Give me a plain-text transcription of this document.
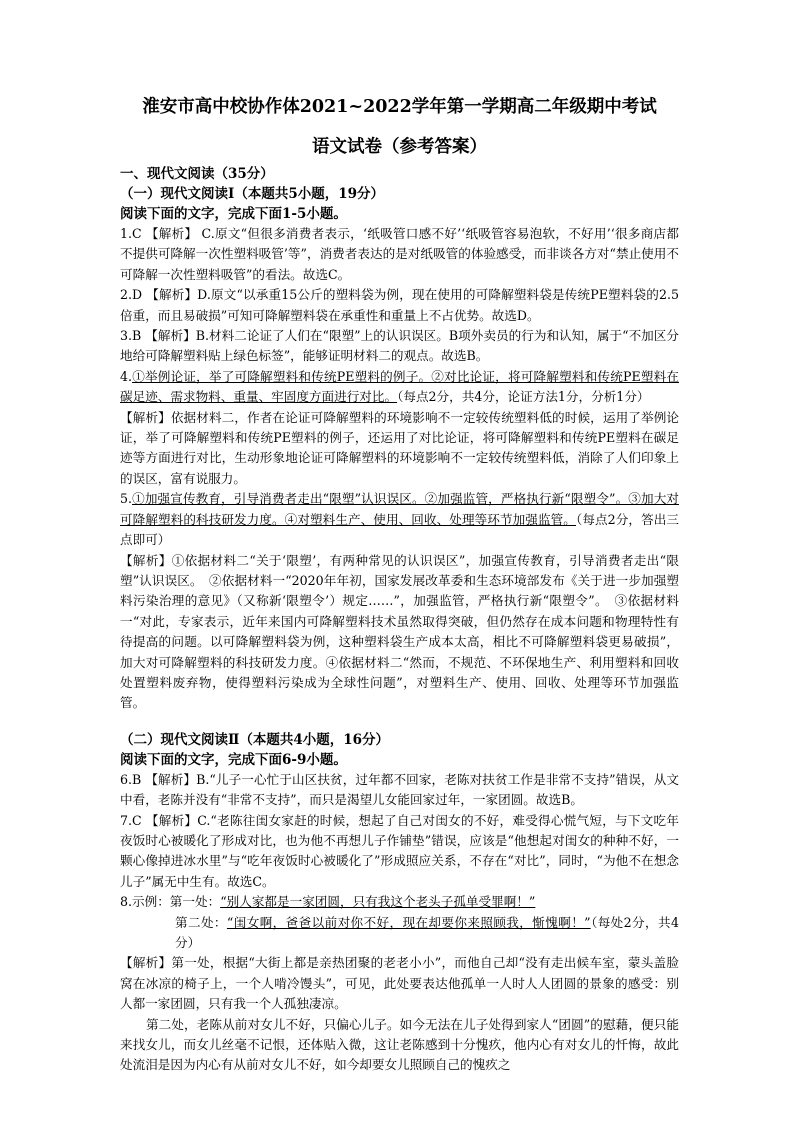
淮安市高中校协作体2021~2022学年第一学期高二年级期中考试

语文试卷（参考答案）

一、现代文阅读（35分）

（一）现代文阅读Ⅰ（本题共5小题，19分）

阅读下面的文字，完成下面1-5小题。

1.C 【解析】 C.原文“但很多消费者表示，‘纸吸管口感不好’‘纸吸管容易泡软，不好用’‘很多商店都不提供可降解一次性塑料吸管’等”，消费者表达的是对纸吸管的体验感受，而非谈各方对“禁止使用不可降解一次性塑料吸管”的看法。故选C。

2.D 【解析】D.原文“以承重15公斤的塑料袋为例，现在使用的可降解塑料袋是传统PE塑料袋的2.5倍重，而且易破损”可知可降解塑料袋在承重性和重量上不占优势。故选D。

3.B 【解析】B.材料二论证了人们在“限塑”上的认识误区。B项外卖员的行为和认知，属于“不加区分地给可降解塑料贴上绿色标签”，能够证明材料二的观点。故选B。

4.①举例论证，举了可降解塑料和传统PE塑料的例子。②对比论证，将可降解塑料和传统PE塑料在碳足迹、需求物料、重量、牢固度方面进行对比。（每点2分，共4分，论证方法1分，分析1分）

【解析】依据材料二，作者在论证可降解塑料的环境影响不一定较传统塑料低的时候，运用了举例论证，举了可降解塑料和传统PE塑料的例子，还运用了对比论证，将可降解塑料和传统PE塑料在碳足迹等方面进行对比，生动形象地论证可降解塑料的环境影响不一定较传统塑料低，消除了人们印象上的误区，富有说服力。

5.①加强宣传教育，引导消费者走出“限塑”认识误区。②加强监管，严格执行新“限塑令”。③加大对可降解塑料的科技研发力度。④对塑料生产、使用、回收、处理等环节加强监管。（每点2分，答出三点即可）

【解析】①依据材料二“关于‘限塑’，有两种常见的认识误区”，加强宣传教育，引导消费者走出“限塑”认识误区。　②依据材料一“2020年年初，国家发展改革委和生态环境部发布《关于进一步加强塑料污染治理的意见》（又称新‘限塑令’）规定……”，加强监管，严格执行新“限塑令”。　③依据材料一“对此，专家表示，近年来国内可降解塑料技术虽然取得突破，但仍然存在成本问题和物理特性有待提高的问题。以可降解塑料袋为例，这种塑料袋生产成本太高，相比不可降解塑料袋更易破损”，加大对可降解塑料的科技研发力度。④依据材料二“然而，不规范、不环保地生产、利用塑料和回收处置塑料废弃物，使得塑料污染成为全球性问题”，对塑料生产、使用、回收、处理等环节加强监管。

（二）现代文阅读Ⅱ（本题共4小题，16分）

阅读下面的文字，完成下面6-9小题。

6.B 【解析】B.“儿子一心忙于山区扶贫，过年都不回家，老陈对扶贫工作是非常不支持”错误，从文中看，老陈并没有“非常不支持”，而只是渴望儿女能回家过年，一家团圆。故选B。

7.C 【解析】C.“老陈往闺女家赶的时候，想起了自己对闺女的不好，难受得心慌气短，与下文吃年夜饭时心被暖化了形成对比，也为他不再想儿子作铺垫”错误，应该是“他想起对闺女的种种不好，一颗心像掉进冰水里”与“吃年夜饭时心被暖化了”形成照应关系，不存在“对比”，同时，“为他不在想念儿子”属无中生有。故选C。

8.示例：第一处：“别人家都是一家团圆，只有我这个老头子孤单受罪啊！”

第二处：“闺女啊，爸爸以前对你不好，现在却要你来照顾我，惭愧啊！”（每处2分，共4分）

【解析】第一处，根据“大街上都是亲热团聚的老老小小”，而他自己却“没有走出候车室，蒙头盖脸窝在冰凉的椅子上，一个人啃冷馒头”，可见，此处要表达他孤单一人时人人团圆的景象的感受：别人都一家团圆，只有我一个人孤独凄凉。

第二处，老陈从前对女儿不好，只偏心儿子。如今无法在儿子处得到家人“团圆”的慰藉，便只能来找女儿，而女儿丝毫不记恨，还体贴入微，这让老陈感到十分愧疚，他内心有对女儿的忏悔，故此处流泪是因为内心有从前对女儿不好，如今却要女儿照顾自己的愧疚之
